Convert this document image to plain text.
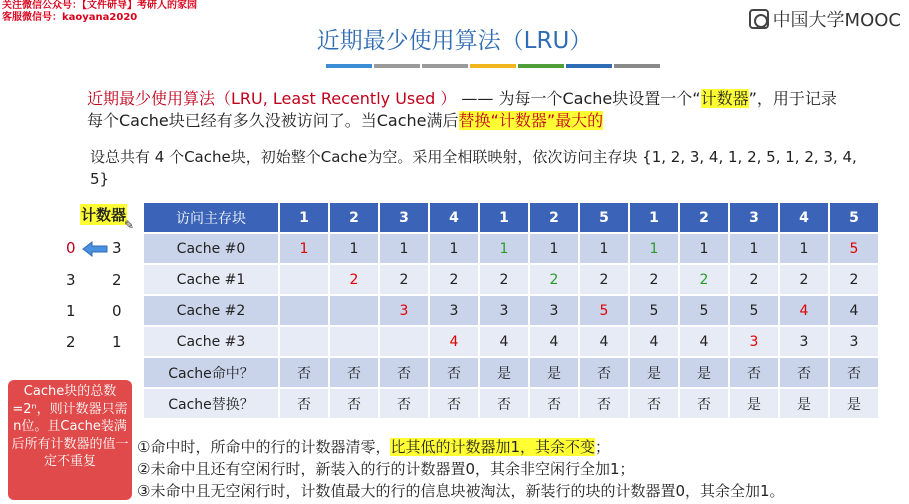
关注微信公众号：【文件研导】考研人的家园
客服微信号：kaoyana2020	中国大学MOOC
近期最少使用算法（LRU）
近期最少使用算法（LRU, Least Recently Used ） —— 为每一个Cache块设置一个“计数器”，用于记录
每个Cache块已经有多久没被访问了。当Cache满后替换“计数器”最大的
设总共有 4 个Cache块，初始整个Cache为空。采用全相联映射，依次访问主存块 {1, 2, 3, 4, 1, 2, 5, 1, 2, 3, 4, 5}
计数器
✎
0 3
3 2
1 0
2 1
访问主存块	1	2	3	4	1	2	5	1	2	3	4	5
Cache #0	1	1	1	1	1	1	1	1	1	1	1	5
Cache #1		2	2	2	2	2	2	2	2	2	2	2
Cache #2			3	3	3	3	5	5	5	5	4	4
Cache #3				4	4	4	4	4	4	3	3	3
Cache命中？	否	否	否	否	是	是	否	是	是	否	否	否
Cache替换？	否	否	否	否	否	否	否	否	否	是	是	是
Cache块的总数=2ⁿ，则计数器只需n位。且Cache装满后所有计数器的值一定不重复
①命中时，所命中的行的计数器清零，比其低的计数器加1，其余不变；
②未命中且还有空闲行时，新装入的行的计数器置0，其余非空闲行全加1；
③未命中且无空闲行时，计数值最大的行的信息块被淘汰，新装行的块的计数器置0，其余全加1。
